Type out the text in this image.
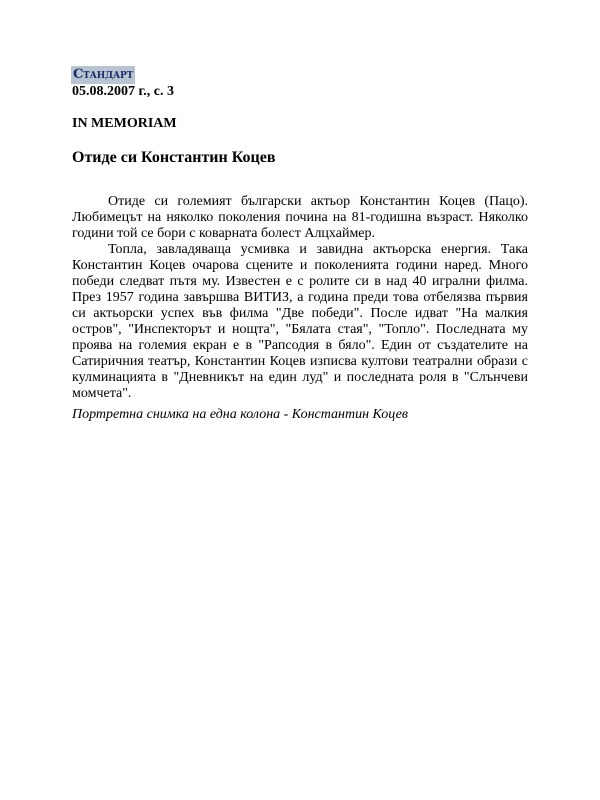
Стандарт
05.08.2007 г., с. 3
IN MEMORIAM
Отиде си Константин Коцев

Отиде си големият български актьор Константин Коцев (Пацо). Любимецът на няколко поколения почина на 81-годишна възраст. Няколко години той се бори с коварната болест Алцхаймер.

Топла, завладяваща усмивка и завидна актьорска енергия. Така Константин Коцев очарова сцените и поколенията години наред. Много победи следват пътя му. Известен е с ролите си в над 40 игрални филма. През 1957 година завършва ВИТИЗ, а година преди това отбелязва първия си актьорски успех във филма "Две победи". После идват "На малкия остров", "Инспекторът и нощта", "Бялата стая", "Топло". Последната му проява на големия екран е в "Рапсодия в бяло". Един от създателите на Сатиричния театър, Константин Коцев изписва култови театрални образи с кулминацията в "Дневникът на един луд" и последната роля в "Слънчеви момчета".

Портретна снимка на една колона - Константин Коцев
